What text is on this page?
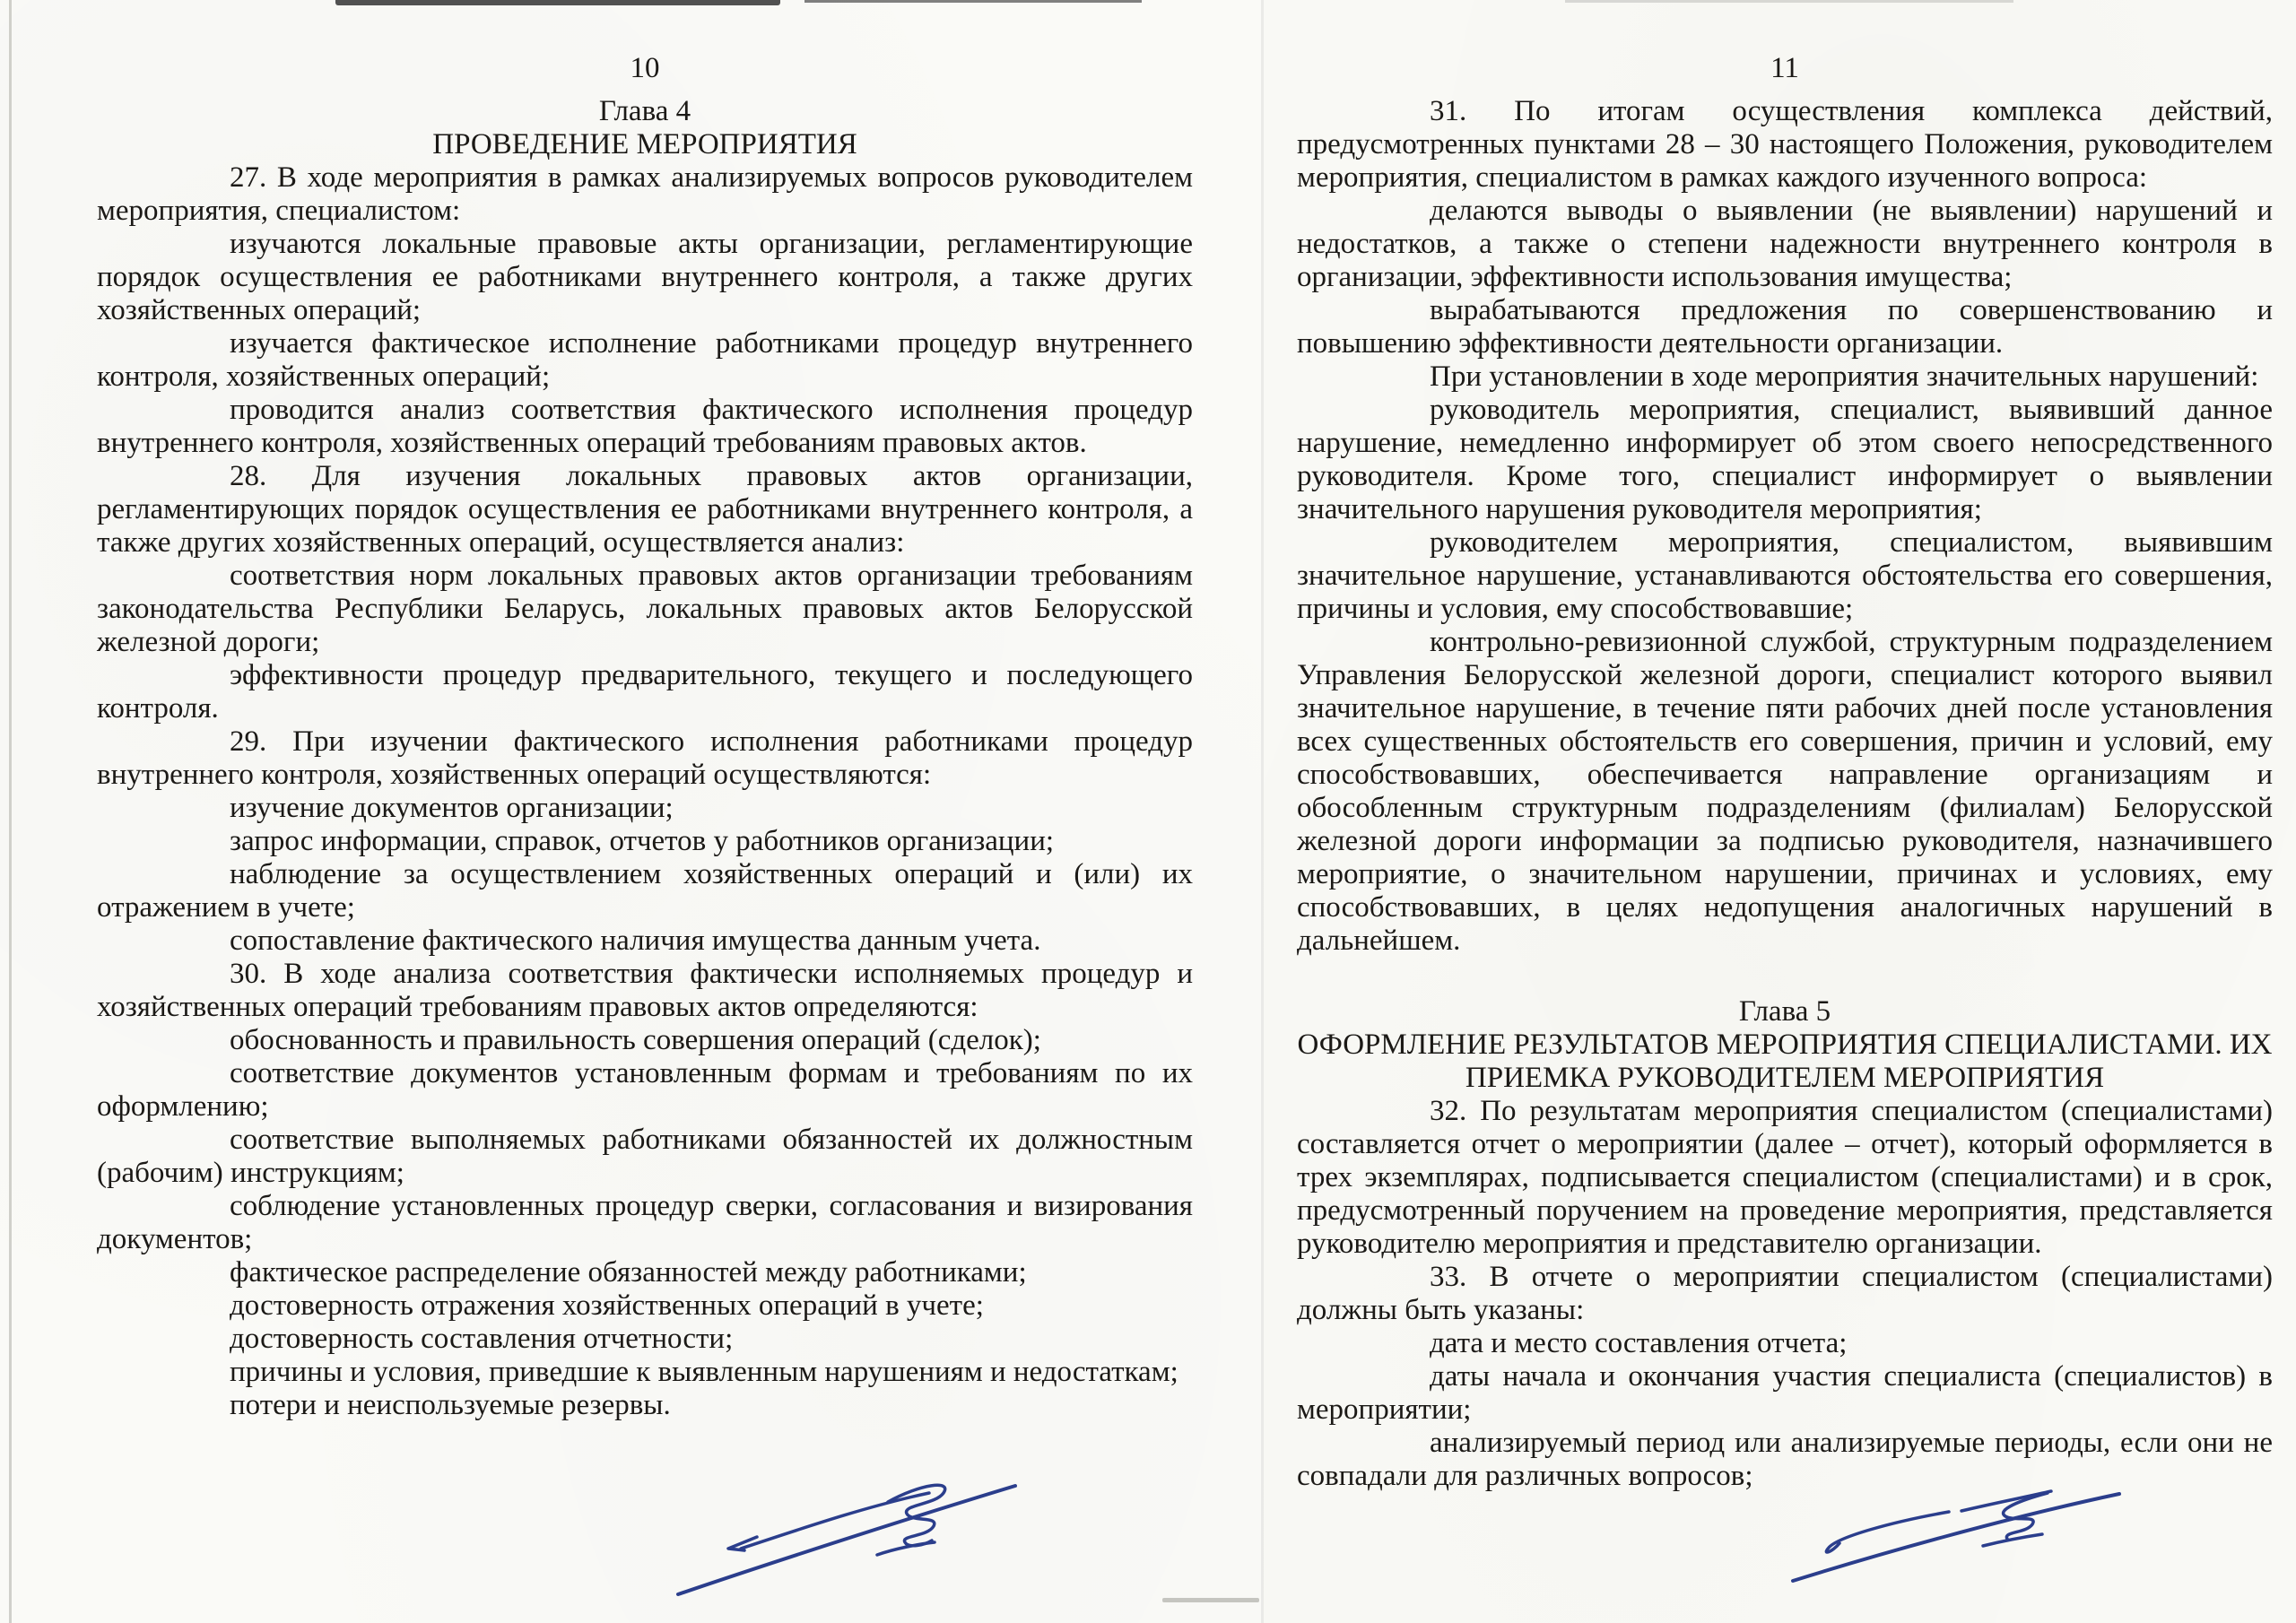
10
Глава 4
ПРОВЕДЕНИЕ МЕРОПРИЯТИЯ
27. В ходе мероприятия в рамках анализируемых вопросов руководителем мероприятия, специалистом:
изучаются локальные правовые акты организации, регламентирующие порядок осуществления ее работниками внутреннего контроля, а также других хозяйственных операций;
изучается фактическое исполнение работниками процедур внутреннего контроля, хозяйственных операций;
проводится анализ соответствия фактического исполнения процедур внутреннего контроля, хозяйственных операций требованиям правовых актов.
28. Для изучения локальных правовых актов организации, регламентирующих порядок осуществления ее работниками внутреннего контроля, а также других хозяйственных операций, осуществляется анализ:
соответствия норм локальных правовых актов организации требованиям законодательства Республики Беларусь, локальных правовых актов Белорусской железной дороги;
эффективности процедур предварительного, текущего и последующего контроля.
29. При изучении фактического исполнения работниками процедур внутреннего контроля, хозяйственных операций осуществляются:
изучение документов организации;
запрос информации, справок, отчетов у работников организации;
наблюдение за осуществлением хозяйственных операций и (или) их отражением в учете;
сопоставление фактического наличия имущества данным учета.
30. В ходе анализа соответствия фактически исполняемых процедур и хозяйственных операций требованиям правовых актов определяются:
обоснованность и правильность совершения операций (сделок);
соответствие документов установленным формам и требованиям по их оформлению;
соответствие выполняемых работниками обязанностей их должностным (рабочим) инструкциям;
соблюдение установленных процедур сверки, согласования и визирования документов;
фактическое распределение обязанностей между работниками;
достоверность отражения хозяйственных операций в учете;
достоверность составления отчетности;
причины и условия, приведшие к выявленным нарушениям и недостаткам;
потери и неиспользуемые резервы.
11
31. По итогам осуществления комплекса действий, предусмотренных пунктами 28 – 30 настоящего Положения, руководителем мероприятия, специалистом в рамках каждого изученного вопроса:
делаются выводы о выявлении (не выявлении) нарушений и недостатков, а также о степени надежности внутреннего контроля в организации, эффективности использования имущества;
вырабатываются предложения по совершенствованию и повышению эффективности деятельности организации.
При установлении в ходе мероприятия значительных нарушений:
руководитель мероприятия, специалист, выявивший данное нарушение, немедленно информирует об этом своего непосредственного руководителя. Кроме того, специалист информирует о выявлении значительного нарушения руководителя мероприятия;
руководителем мероприятия, специалистом, выявившим значительное нарушение, устанавливаются обстоятельства его совершения, причины и условия, ему способствовавшие;
контрольно-ревизионной службой, структурным подразделением Управления Белорусской железной дороги, специалист которого выявил значительное нарушение, в течение пяти рабочих дней после установления всех существенных обстоятельств его совершения, причин и условий, ему способствовавших, обеспечивается направление организациям и обособленным структурным подразделениям (филиалам) Белорусской железной дороги информации за подписью руководителя, назначившего мероприятие, о значительном нарушении, причинах и условиях, ему способствовавших, в целях недопущения аналогичных нарушений в дальнейшем.
Глава 5
ОФОРМЛЕНИЕ РЕЗУЛЬТАТОВ МЕРОПРИЯТИЯ СПЕЦИАЛИСТАМИ. ИХ ПРИЕМКА РУКОВОДИТЕЛЕМ МЕРОПРИЯТИЯ
32. По результатам мероприятия специалистом (специалистами) составляется отчет о мероприятии (далее – отчет), который оформляется в трех экземплярах, подписывается специалистом (специалистами) и в срок, предусмотренный поручением на проведение мероприятия, представляется руководителю мероприятия и представителю организации.
33. В отчете о мероприятии специалистом (специалистами) должны быть указаны:
дата и место составления отчета;
даты начала и окончания участия специалиста (специалистов) в мероприятии;
анализируемый период или анализируемые периоды, если они не совпадали для различных вопросов;
